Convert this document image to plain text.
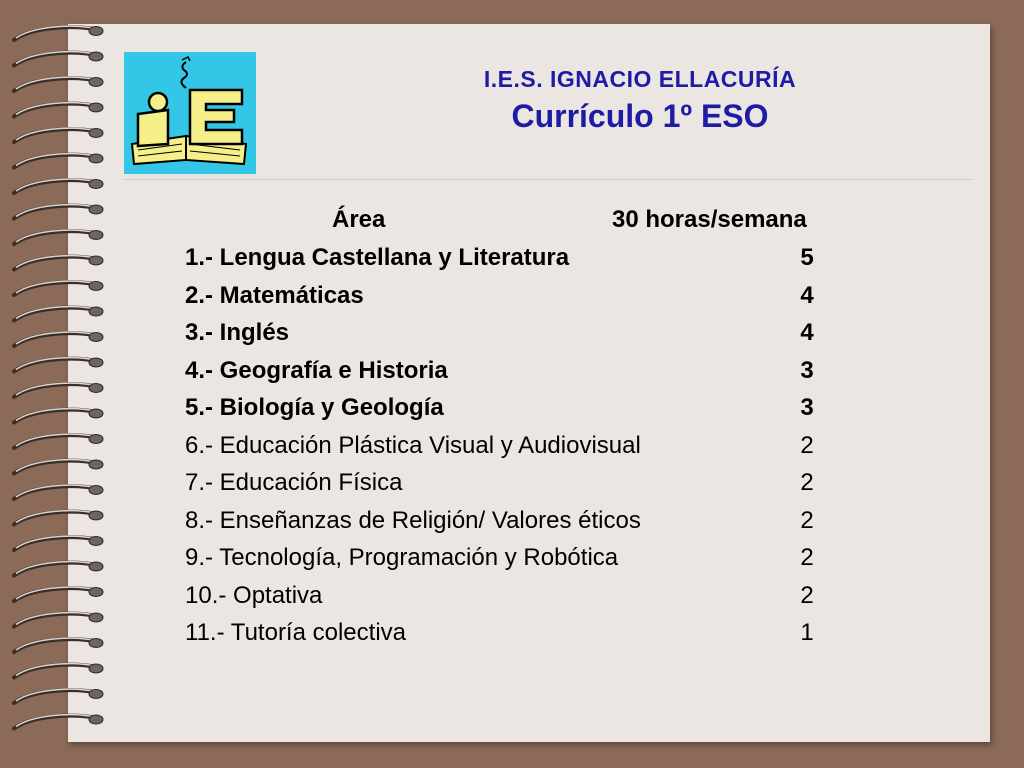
I.E.S. IGNACIO ELLACURÍA
Currículo 1º ESO
Área	30 horas/semana
1.- Lengua Castellana y Literatura	5
2.- Matemáticas	4
3.- Inglés	4
4.- Geografía e Historia	3
5.- Biología y Geología	3
6.- Educación Plástica Visual y Audiovisual	2
7.- Educación Física	2
8.- Enseñanzas de Religión/ Valores éticos	2
9.- Tecnología, Programación y Robótica	2
10.- Optativa	2
11.- Tutoría colectiva	1
